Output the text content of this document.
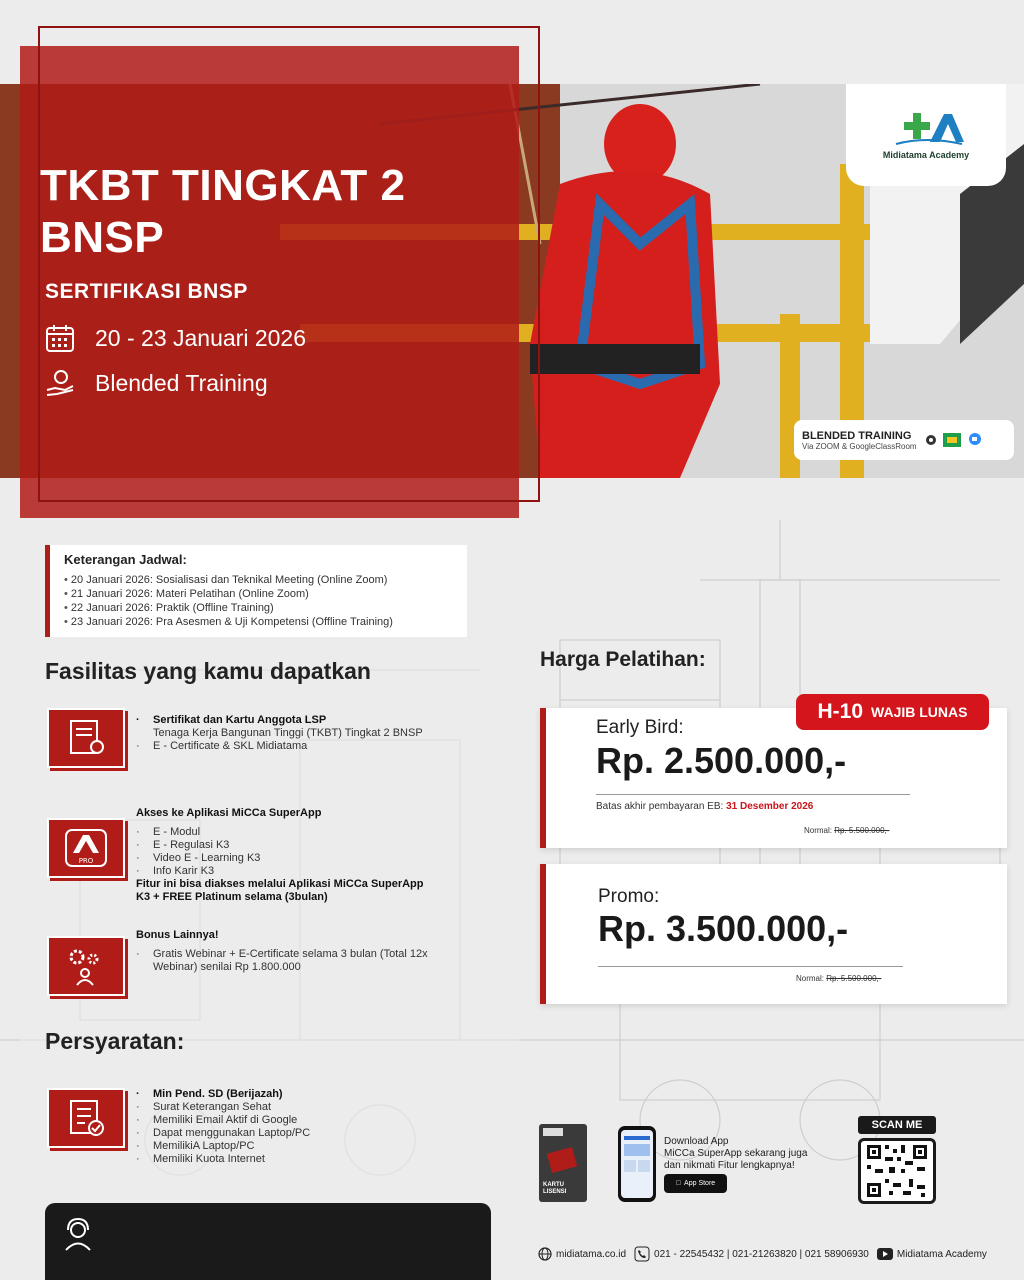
TKBT TINGKAT 2 BNSP
SERTIFIKASI BNSP
20 - 23 Januari 2026
Blended Training
Midiatama Academy
BLENDED TRAINING
Via ZOOM & GoogleClassRoom
Keterangan Jadwal:
• 20 Januari 2026: Sosialisasi dan Teknikal Meeting (Online Zoom)
• 21 Januari 2026: Materi Pelatihan (Online Zoom)
• 22 Januari 2026: Praktik (Offline Training)
• 23 Januari 2026: Pra Asesmen & Uji Kompetensi (Offline Training)
Fasilitas yang kamu dapatkan
· Sertifikat dan Kartu Anggota LSP
Tenaga Kerja Bangunan Tinggi (TKBT) Tingkat 2 BNSP
· E - Certificate & SKL Midiatama
PRO
Akses ke Aplikasi MiCCa SuperApp
· E - Modul
· E - Regulasi K3
· Video E - Learning K3
· Info Karir K3
Fitur ini bisa diakses melalui Aplikasi MiCCa SuperApp K3 + FREE Platinum selama (3bulan)
Bonus Lainnya!
· Gratis Webinar + E-Certificate selama 3 bulan (Total 12x Webinar) senilai Rp 1.800.000
Persyaratan:
· Min Pend. SD (Berijazah)
· Surat Keterangan Sehat
· Memiliki Email Aktif di Google
· Dapat menggunakan Laptop/PC
· MemilikiA Laptop/PC
· Memiliki Kuota Internet
Harga Pelatihan:
Early Bird:
Rp. 2.500.000,-
Batas akhir pembayaran EB: 31 Desember 2026
Normal: Rp. 5.500.000,-
H-10 WAJIB LUNAS
Promo:
Rp. 3.500.000,-
Normal: Rp. 5.500.000,-
KARTU LISENSI
Download App
MiCCa SuperApp sekarang juga
dan nikmati Fitur lengkapnya!
App Store
SCAN ME
midiatama.co.id	021 - 22545432 | 021-21263820 | 021 58906930	Midiatama Academy
